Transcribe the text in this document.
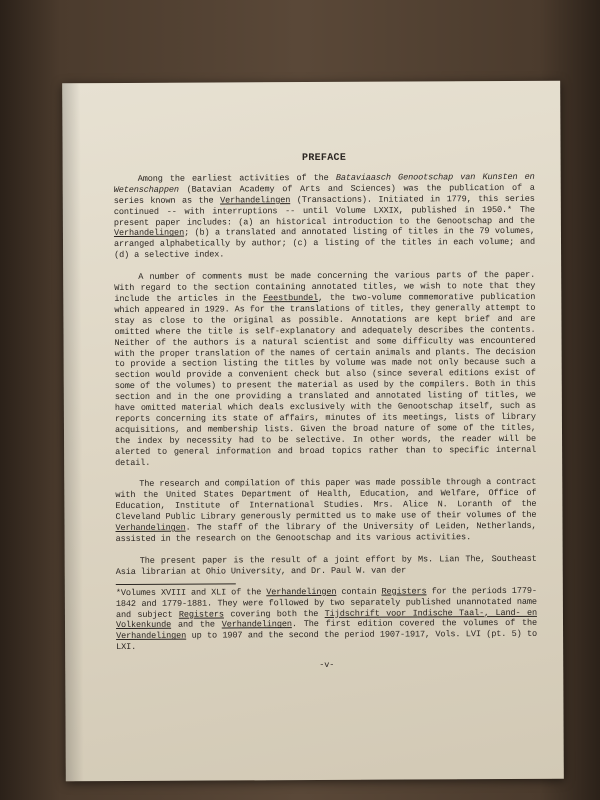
PREFACE

Among the earliest activities of the Bataviaasch Genootschap van Kunsten en Wetenschappen (Batavian Academy of Arts and Sciences) was the publication of a series known as the Verhandelingen (Transactions). Initiated in 1779, this series continued -- with interruptions -- until Volume LXXIX, published in 1950.* The present paper includes: (a) an historical introduction to the Genootschap and the Verhandelingen; (b) a translated and annotated listing of titles in the 79 volumes, arranged alphabetically by author; (c) a listing of the titles in each volume; and (d) a selective index.

A number of comments must be made concerning the various parts of the paper. With regard to the section containing annotated titles, we wish to note that they include the articles in the Feestbundel, the two-volume commemorative publication which appeared in 1929. As for the translations of titles, they generally attempt to stay as close to the original as possible. Annotations are kept brief and are omitted where the title is self-explanatory and adequately describes the contents. Neither of the authors is a natural scientist and some difficulty was encountered with the proper translation of the names of certain animals and plants. The decision to provide a section listing the titles by volume was made not only because such a section would provide a convenient check but also (since several editions exist of some of the volumes) to present the material as used by the compilers. Both in this section and in the one providing a translated and annotated listing of titles, we have omitted material which deals exclusively with the Genootschap itself, such as reports concerning its state of affairs, minutes of its meetings, lists of library acquisitions, and membership lists. Given the broad nature of some of the titles, the index by necessity had to be selective. In other words, the reader will be alerted to general information and broad topics rather than to specific internal detail.

The research and compilation of this paper was made possible through a contract with the United States Department of Health, Education, and Welfare, Office of Education, Institute of International Studies. Mrs. Alice N. Loranth of the Cleveland Public Library generously permitted us to make use of their volumes of the Verhandelingen. The staff of the library of the University of Leiden, Netherlands, assisted in the research on the Genootschap and its various activities.

The present paper is the result of a joint effort by Ms. Lian The, Southeast Asia librarian at Ohio University, and Dr. Paul W. van der

*Volumes XVIII and XLI of the Verhandelingen contain Registers for the periods 1779-1842 and 1779-1881. They were followed by two separately published unannotated name and subject Registers covering both the Tijdschrift voor Indische Taal-, Land- en Volkenkunde and the Verhandelingen. The first edition covered the volumes of the Verhandelingen up to 1907 and the second the period 1907-1917, Vols. LVI (pt. 5) to LXI.

-v-
